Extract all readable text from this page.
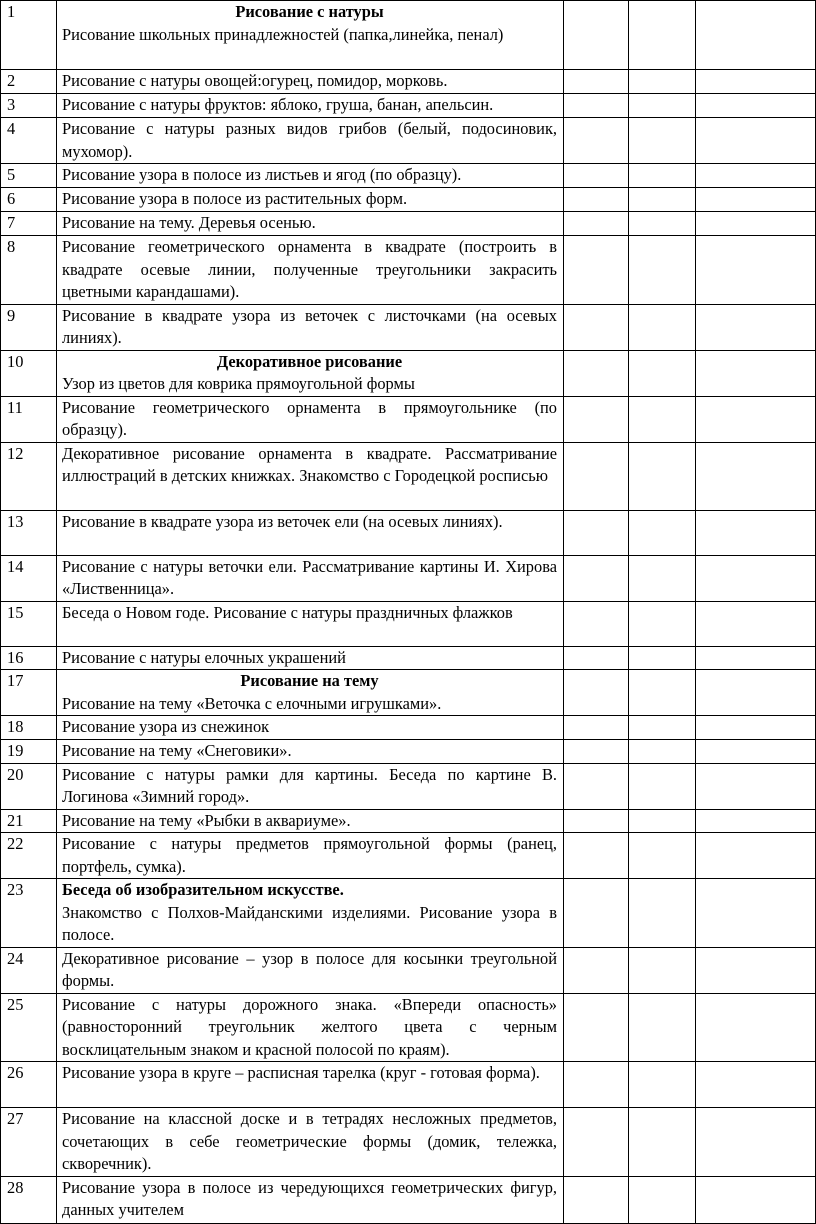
1	Рисование с натуры
Рисование школьных принадлежностей (папка,линейка, пенал)			

2	Рисование с натуры овощей:огурец, помидор, морковь.			

3	Рисование с натуры фруктов: яблоко, груша, банан, апельсин.			

4	Рисование с натуры разных видов грибов (белый, подосиновик, мухомор).			

5	Рисование узора в полосе из листьев и ягод (по образцу).			

6	Рисование узора в полосе из растительных форм.			

7	Рисование на тему. Деревья осенью.			

8	Рисование геометрического орнамента в квадрате (построить в квадрате осевые линии, полученные треугольники закрасить цветными карандашами).			

9	Рисование в квадрате узора из веточек с листочками (на осевых линиях).			

10	Декоративное рисование
Узор из цветов для коврика прямоугольной формы			

11	Рисование геометрического орнамента в прямоугольнике (по образцу).			

12	Декоративное рисование орнамента в квадрате. Рассматривание иллюстраций в детских книжках. Знакомство с Городецкой росписью			

13	Рисование в квадрате узора из веточек ели (на осевых линиях).			

14	Рисование с натуры веточки ели. Рассматривание картины И. Хирова «Лиственница».			

15	Беседа о Новом годе. Рисование с натуры праздничных флажков			

16	Рисование с натуры елочных украшений			

17	Рисование на тему
Рисование на тему «Веточка с елочными игрушками».			

18	Рисование узора из снежинок			

19	Рисование на тему «Снеговики».			

20	Рисование с натуры рамки для картины. Беседа по картине В. Логинова «Зимний город».			

21	Рисование на тему «Рыбки в аквариуме».			

22	Рисование с натуры предметов прямоугольной формы (ранец, портфель, сумка).			

23	Беседа об изобразительном искусстве.
Знакомство с Полхов-Майданскими изделиями. Рисование узора в полосе.			

24	Декоративное рисование – узор в полосе для косынки треугольной формы.			

25	Рисование с натуры дорожного знака. «Впереди опасность» (равносторонний треугольник желтого цвета с черным восклицательным знаком и красной полосой по краям).			

26	Рисование узора в круге – расписная тарелка (круг - готовая форма).			

27	Рисование на классной доске и в тетрадях несложных предметов, сочетающих в себе геометрические формы (домик, тележка, скворечник).			

28	Рисование узора в полосе из чередующихся геометрических фигур, данных учителем			
